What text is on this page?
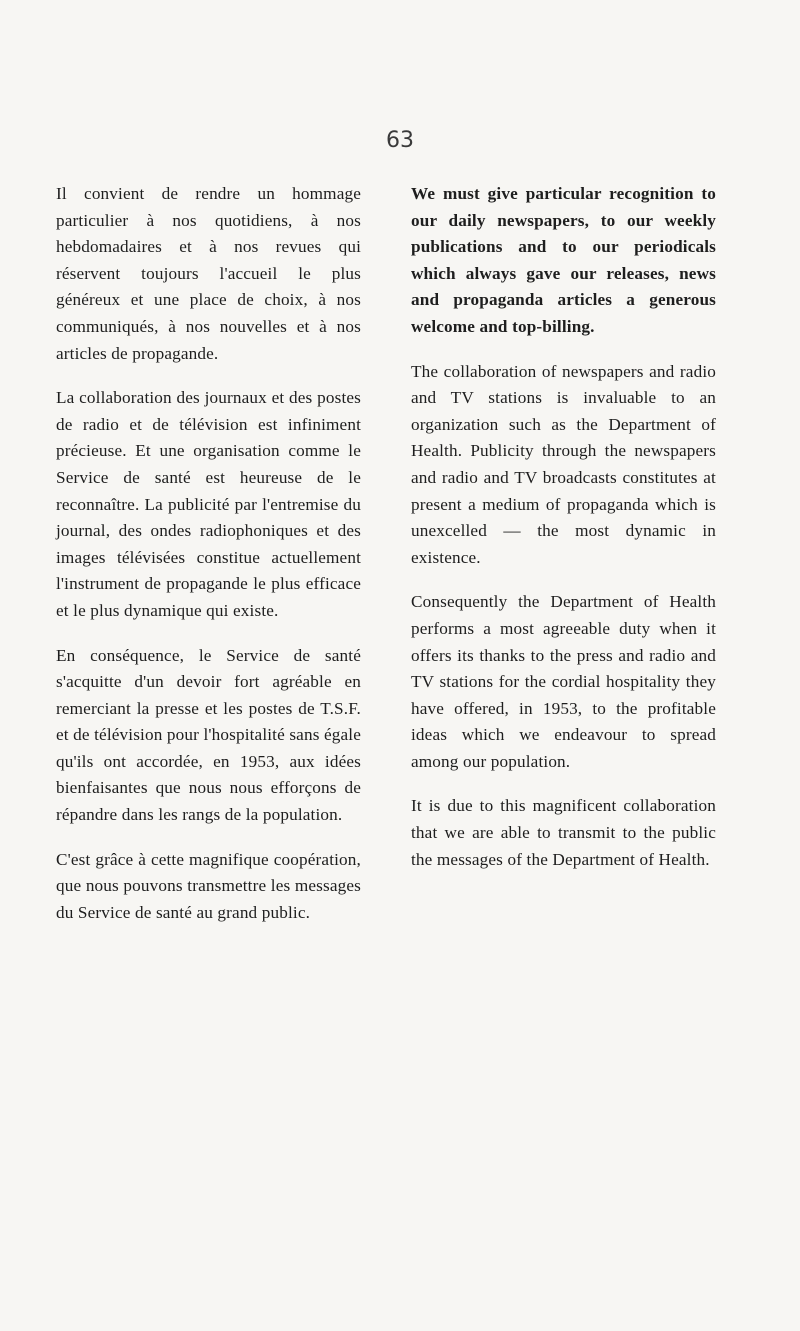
63

Il convient de rendre un hommage particulier à nos quotidiens, à nos hebdomadaires et à nos revues qui réservent toujours l'accueil le plus généreux et une place de choix, à nos communiqués, à nos nouvelles et à nos articles de propagande.

La collaboration des journaux et des postes de radio et de télévision est infiniment précieuse. Et une organisation comme le Service de santé est heureuse de le reconnaître. La publicité par l'entremise du journal, des ondes radiophoniques et des images télévisées constitue actuellement l'instrument de propagande le plus efficace et le plus dynamique qui existe.

En conséquence, le Service de santé s'acquitte d'un devoir fort agréable en remerciant la presse et les postes de T.S.F. et de télévision pour l'hospitalité sans égale qu'ils ont accordée, en 1953, aux idées bienfaisantes que nous nous efforçons de répandre dans les rangs de la population.

C'est grâce à cette magnifique coopération, que nous pouvons transmettre les messages du Service de santé au grand public.

We must give particular recognition to our daily newspapers, to our weekly publications and to our periodicals which always gave our releases, news and propaganda articles a generous welcome and top-billing.

The collaboration of newspapers and radio and TV stations is invaluable to an organization such as the Department of Health. Publicity through the newspapers and radio and TV broadcasts constitutes at present a medium of propaganda which is unexcelled — the most dynamic in existence.

Consequently the Department of Health performs a most agreeable duty when it offers its thanks to the press and radio and TV stations for the cordial hospitality they have offered, in 1953, to the profitable ideas which we endeavour to spread among our population.

It is due to this magnificent collaboration that we are able to transmit to the public the messages of the Department of Health.
